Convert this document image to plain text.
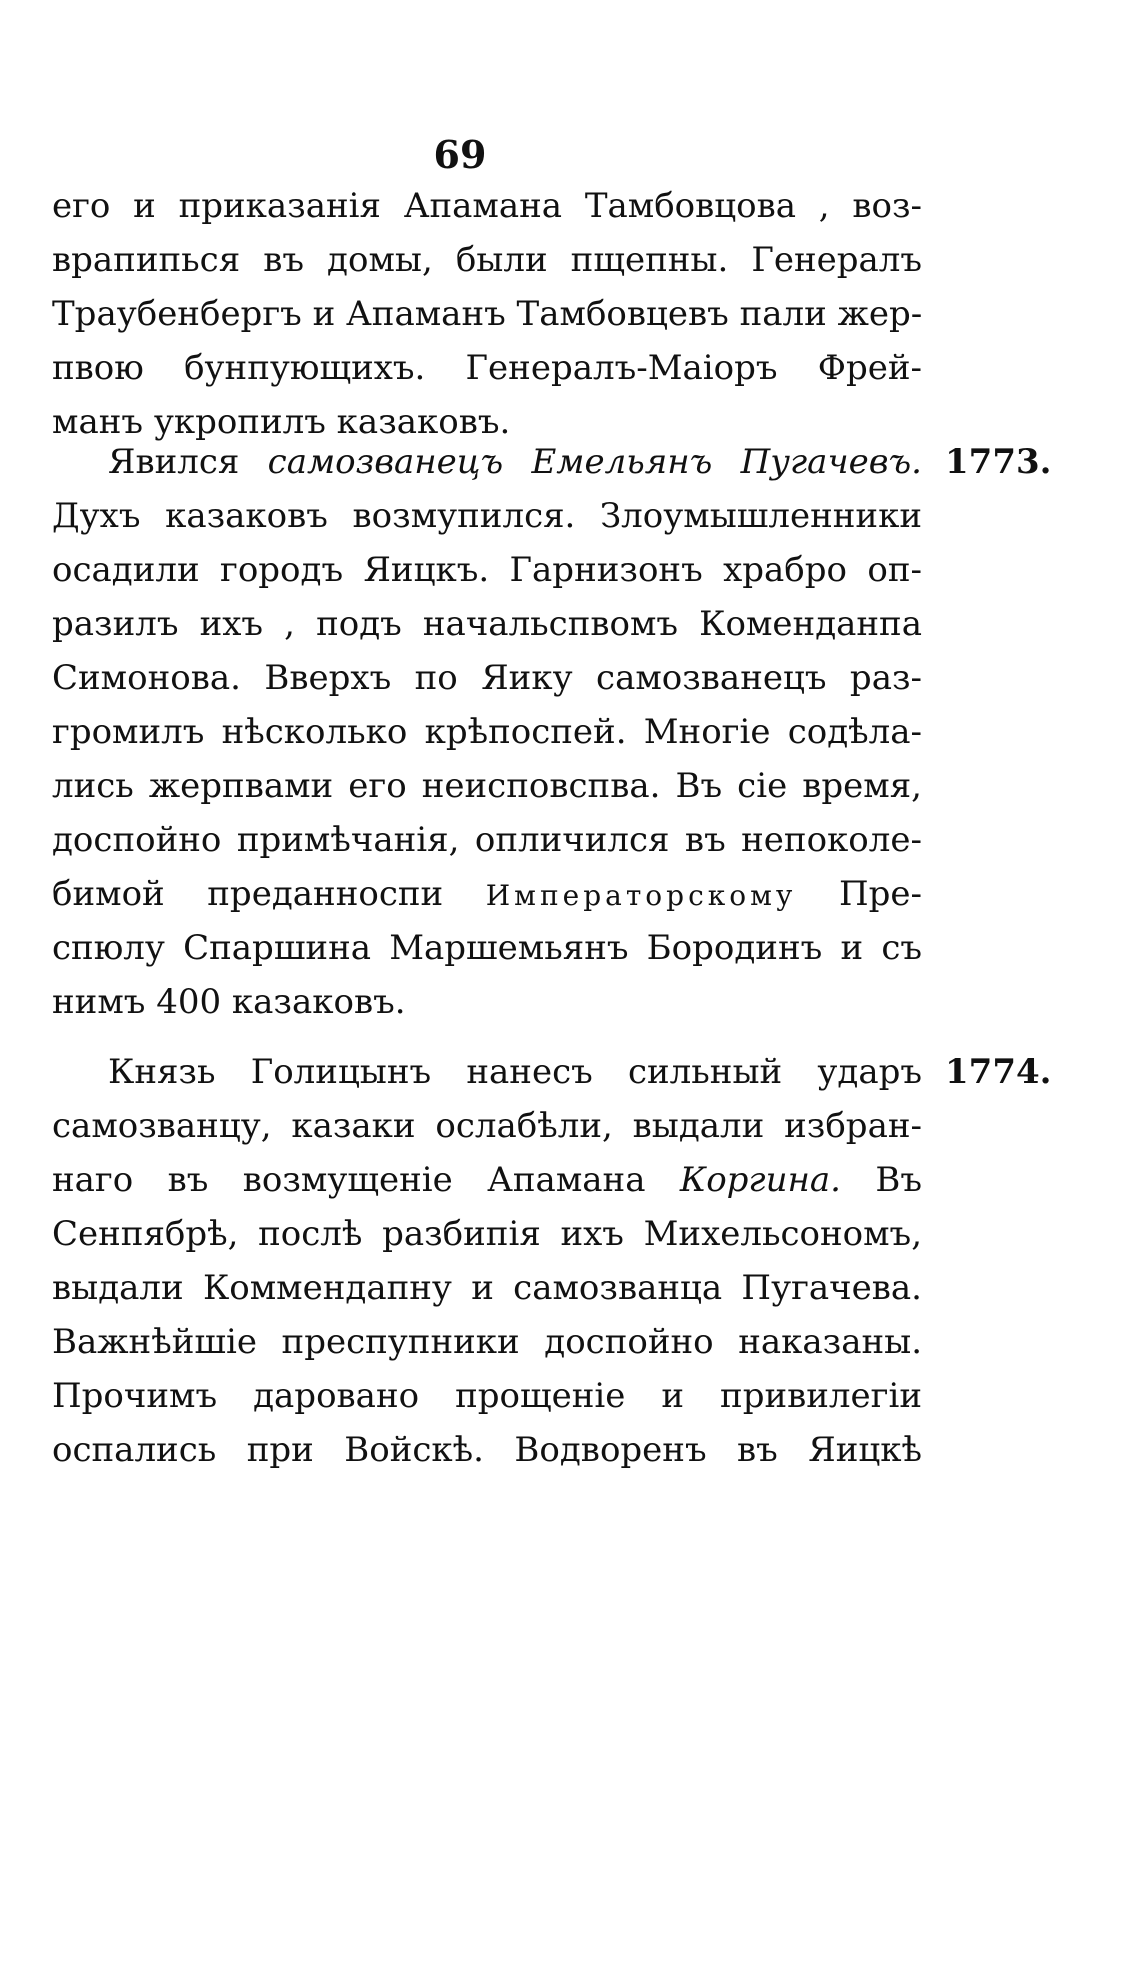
69
его и приказанія Апамана Тамбовцова , воз-
врапипься въ домы, были пщепны. Генералъ
Траубенбергъ и Апаманъ Тамбовцевъ пали жер-
пвою бунпующихъ. Генералъ-Маіоръ Фрей-
манъ укропилъ казаковъ.
1773.
Явился самозванецъ Емельянъ Пугачевъ.
Духъ казаковъ возмупился. Злоумышленники
осадили городъ Яицкъ. Гарнизонъ храбро оп-
разилъ ихъ , подъ начальспвомъ Коменданпа
Симонова. Вверхъ по Яику самозванецъ раз-
громилъ нѣсколько крѣпоспей. Многіе содѣла-
лись жерпвами его неисповспва. Въ сіе время,
доспойно примѣчанія, опличился въ непоколе-
бимой преданноспи Императорскому Пре-
спюлу Спаршина Маршемьянъ Бородинъ и съ
нимъ 400 казаковъ.
1774.
Князь Голицынъ нанесъ сильный ударъ
самозванцу, казаки ослабѣли, выдали избран-
наго въ возмущеніе Апамана Коргина. Въ
Сенпябрѣ, послѣ разбипія ихъ Михельсономъ,
выдали Коммендапну и самозванца Пугачева.
Важнѣйшіе преспупники доспойно наказаны.
Прочимъ даровано прощеніе и привилегіи
оспались при Войскѣ. Водворенъ въ Яицкѣ
